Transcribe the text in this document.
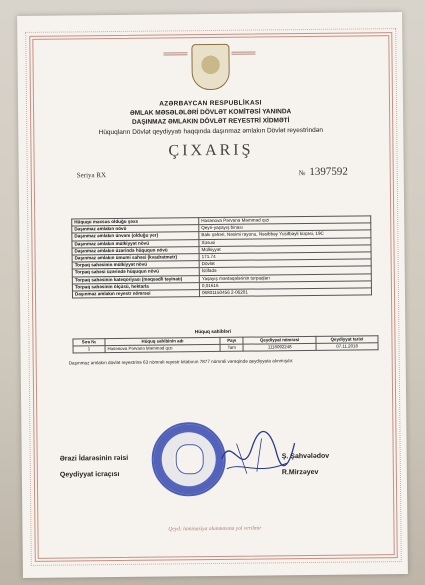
AZƏRBAYCAN RESPUBLİKASI
ƏMLAK MƏSƏLƏLƏRİ DÖVLƏT KOMİTƏSİ YANINDA
DAŞINMAZ ƏMLAKIN DÖVLƏT REYESTRİ XİDMƏTİ
Hüquqların Dövlət qeydiyyatı haqqında daşınmaz əmlakın Dövlət reyestrindən
ÇIXARIŞ
Seriya RX	№ 1397592
Hüququ məxsus olduğu şəxs	Həsənova Pərvanə Məmməd qızı
Daşınmaz əmlakın növü	Qeyri-yaşayış binası
Daşınmaz əmlakın ünvanı (olduğu yer)	Bakı şəhəri, Nəsimi rayonu, Nəsibbəy Yusifbəyli küçəsi, 19C
Daşınmaz əmlakın mülkiyyət növü	Xüsusi
Daşınmaz əmlakın üzərində hüququn növü	Mülkiyyət
Daşınmaz əmlakın ümumi sahəsi (kvadratmetr)	171.74
Torpaq sahəsinin mülkiyyət növü	Dövlət
Torpaq sahəsi üzərində hüququn növü	İstifadə
Torpaq sahəsinin kateqoriyası (məqsədli təyinatı)	Yaşayış məntəqələrinin torpaqları
Torpaq sahəsinin ölçüsü, hektarla	0,01616
Daşınmaz əmlakın reyestr nömrəsi	06801150456 2-06201
Hüquq sahibləri
Sıra №	Hüquq sahibinin adı	Payı	Qeydiyyat nömrəsi	Qeydiyyat tarixi
1	Həsənova Pərvanə Məmməd qızı	Tam	1118092248	07.11.2018
Daşınmaz əmlakın dövlət reyestrinə 63 nömrəli reyestr kitabının 7877 nömrəli vərəqində qeydiyyata alınmışdır.
Ərazi İdarəsinin rəisi
Qeydiyyat icraçısı
Ş. Şahvələdov
R.Mirzəyev
Qeyd: laminasiya olunmasına yol verilmir
